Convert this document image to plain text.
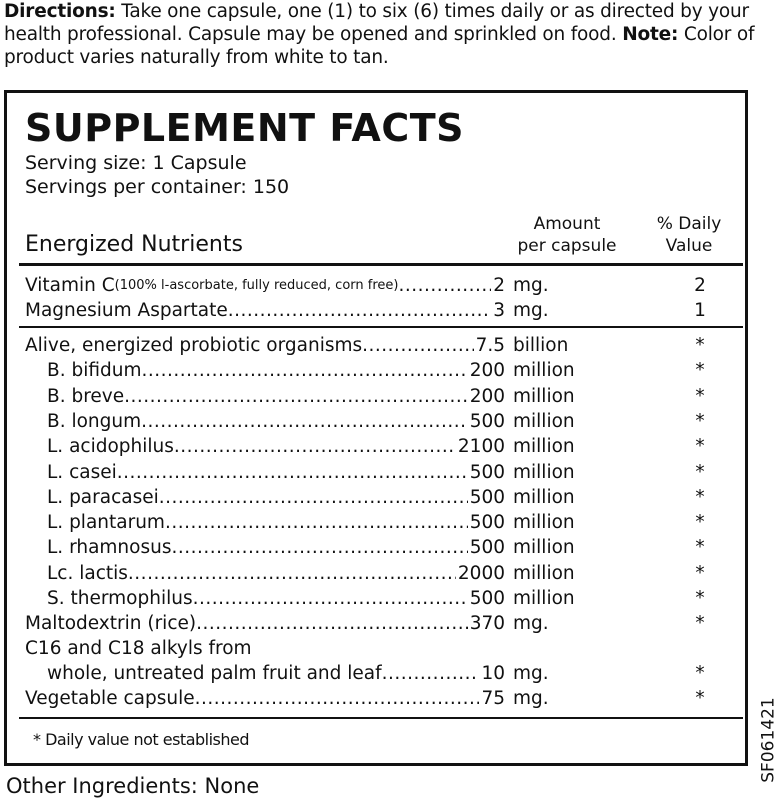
Directions: Take one capsule, one (1) to six (6) times daily or as directed by your health professional. Capsule may be opened and sprinkled on food. Note: Color of product varies naturally from white to tan.
SUPPLEMENT FACTS
Serving size: 1 Capsule
Servings per container: 150
Energized Nutrients
Amount
per capsule
% Daily
Value
Vitamin C (100% l-ascorbate, fully reduced, corn free) .....	2 mg.	2
Magnesium Aspartate .....	3 mg.	1
Alive, energized probiotic organisms .....	7.5 billion	*
B. bifidum .....	200 million	*
B. breve .....	200 million	*
B. longum .....	500 million	*
L. acidophilus .....	2100 million	*
L. casei .....	500 million	*
L. paracasei .....	500 million	*
L. plantarum .....	500 million	*
L. rhamnosus .....	500 million	*
Lc. lactis .....	2000 million	*
S. thermophilus .....	500 million	*
Maltodextrin (rice) .....	370 mg.	*
C16 and C18 alkyls from
whole, untreated palm fruit and leaf .....	10 mg.	*
Vegetable capsule .....	75 mg.	*
* Daily value not established
Other Ingredients: None
SF061421
